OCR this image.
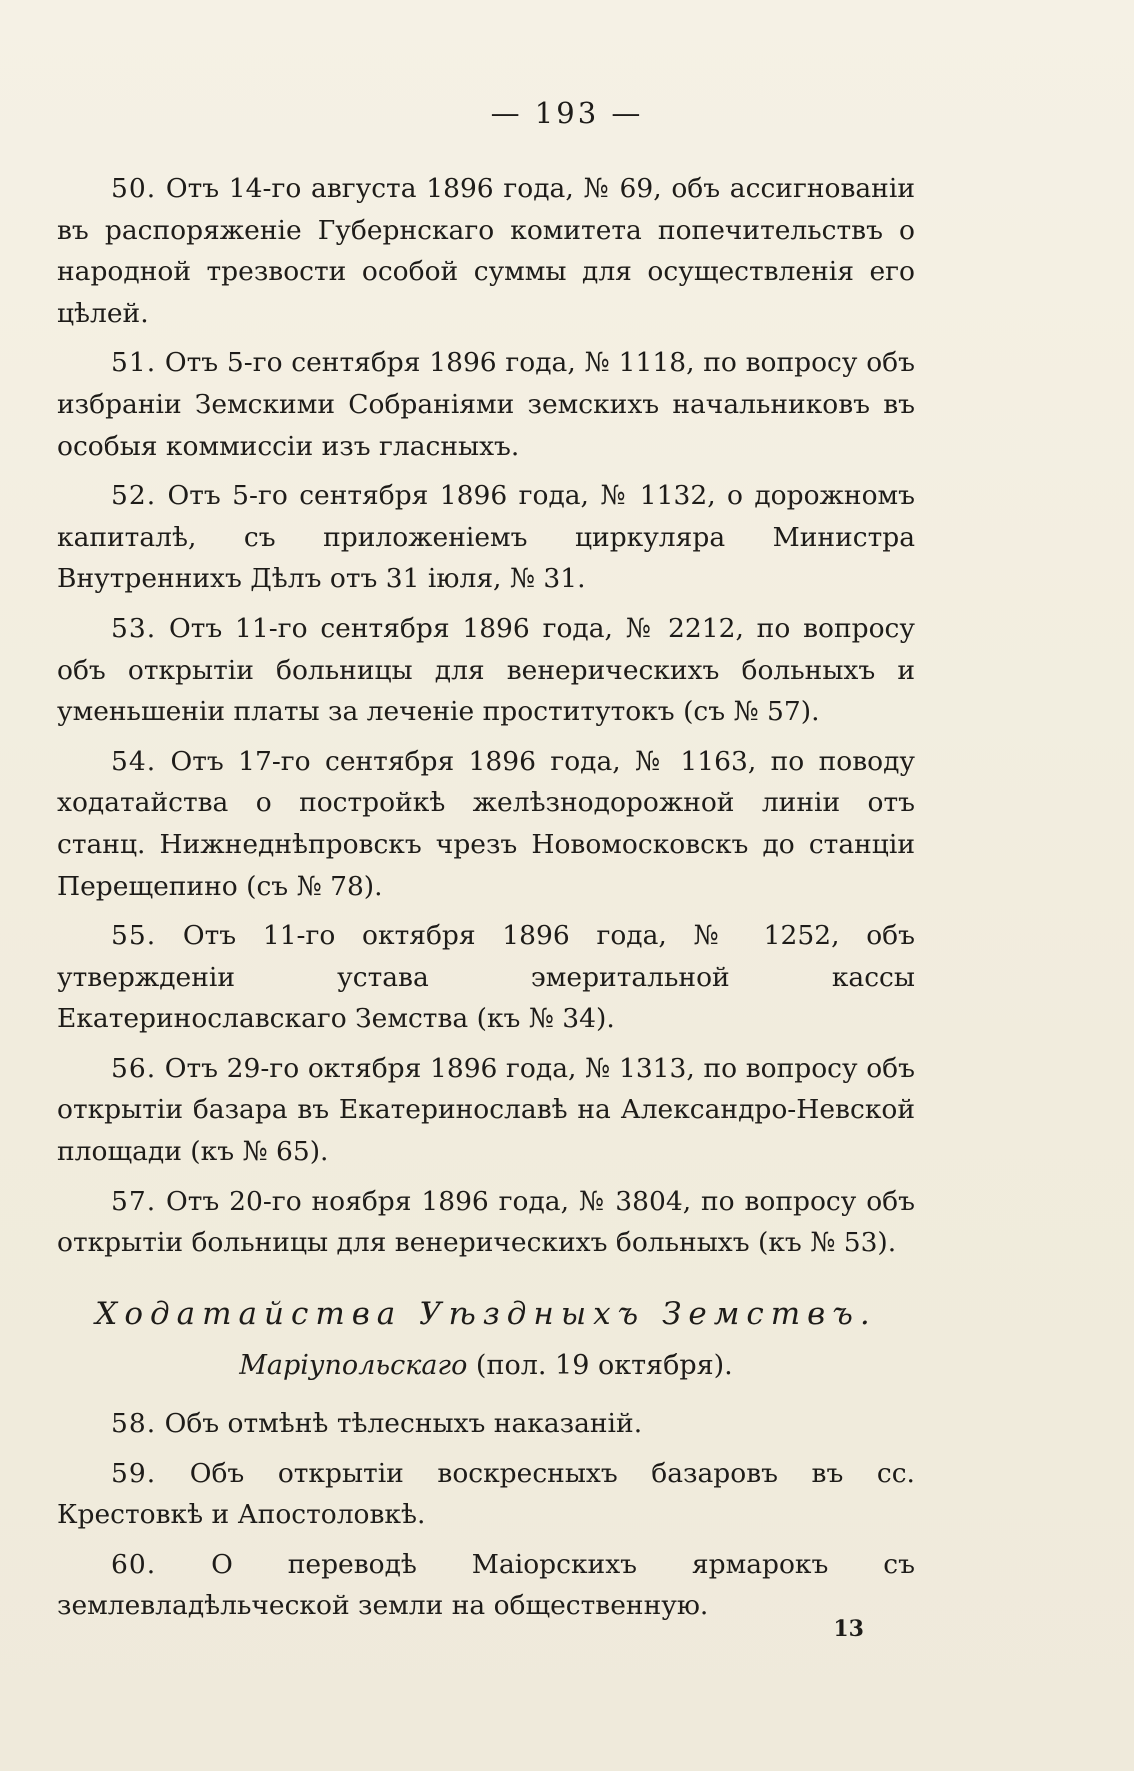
— 193 —

50. Отъ 14-го августа 1896 года, № 69, объ ассигнованіи въ распоряженіе Губернскаго комитета попечительствъ о народной трезвости особой суммы для осуществленія его цѣлей.

51. Отъ 5-го сентября 1896 года, № 1118, по вопросу объ избраніи Земскими Собраніями земскихъ начальниковъ въ особыя коммиссіи изъ гласныхъ.

52. Отъ 5-го сентября 1896 года, № 1132, о дорожномъ капиталѣ, съ приложеніемъ циркуляра Министра Внутреннихъ Дѣлъ отъ 31 іюля, № 31.

53. Отъ 11-го сентября 1896 года, № 2212, по вопросу объ открытіи больницы для венерическихъ больныхъ и уменьшеніи платы за леченіе проститутокъ (съ № 57).

54. Отъ 17-го сентября 1896 года, № 1163, по поводу ходатайства о постройкѣ желѣзнодорожной линіи отъ станц. Нижнеднѣпровскъ чрезъ Новомосковскъ до станціи Перещепино (съ № 78).

55. Отъ 11-го октября 1896 года, № 1252, объ утвержденіи устава эмеритальной кассы Екатеринославскаго Земства (къ № 34).

56. Отъ 29-го октября 1896 года, № 1313, по вопросу объ открытіи базара въ Екатеринославѣ на Александро-Невской площади (къ № 65).

57. Отъ 20-го ноября 1896 года, № 3804, по вопросу объ открытіи больницы для венерическихъ больныхъ (къ № 53).

Ходатайства Уѣздныхъ Земствъ.

Маріупольскаго (пол. 19 октября).

58. Объ отмѣнѣ тѣлесныхъ наказаній.

59. Объ открытіи воскресныхъ базаровъ въ сс. Крестовкѣ и Апостоловкѣ.

60. О переводѣ Маіорскихъ ярмарокъ съ землевладѣльческой земли на общественную.

13
